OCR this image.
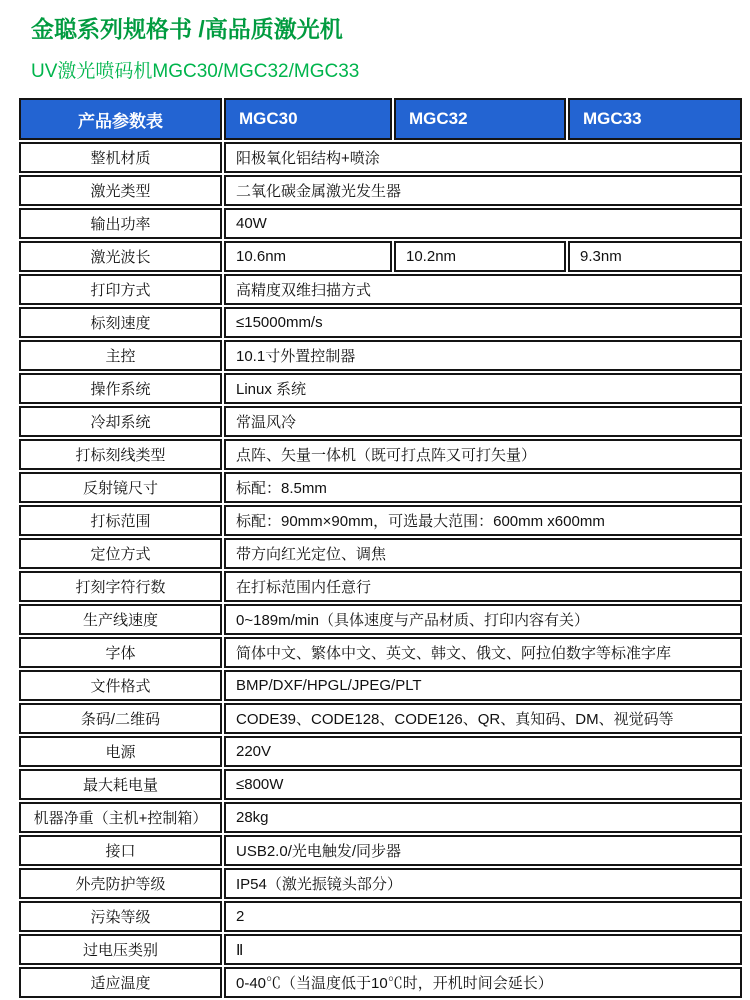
金聪系列规格书 /高品质激光机
UV激光喷码机MGC30/MGC32/MGC33
产品参数表	MGC30	MGC32	MGC33
整机材质	阳极氧化铝结构+喷涂		
激光类型	二氧化碳金属激光发生器		
输出功率	40W		
激光波长	10.6nm	10.2nm	9.3nm
打印方式	高精度双维扫描方式		
标刻速度	≤15000mm/s		
主控	10.1寸外置控制器		
操作系统	Linux 系统		
冷却系统	常温风冷		
打标刻线类型	点阵、矢量一体机（既可打点阵又可打矢量）		
反射镜尺寸	标配：8.5mm		
打标范围	标配：90mm×90mm，可选最大范围：600mm x600mm		
定位方式	带方向红光定位、调焦		
打刻字符行数	在打标范围内任意行		
生产线速度	0~189m/min（具体速度与产品材质、打印内容有关）		
字体	简体中文、繁体中文、英文、韩文、俄文、阿拉伯数字等标准字库		
文件格式	BMP/DXF/HPGL/JPEG/PLT		
条码/二维码	CODE39、CODE128、CODE126、QR、真知码、DM、视觉码等		
电源	220V		
最大耗电量	≤800W		
机器净重（主机+控制箱）	28kg		
接口	USB2.0/光电触发/同步器		
外壳防护等级	IP54（激光振镜头部分）		
污染等级	2		
过电压类别	Ⅱ		
适应温度	0-40℃（当温度低于10℃时，开机时间会延长）		
